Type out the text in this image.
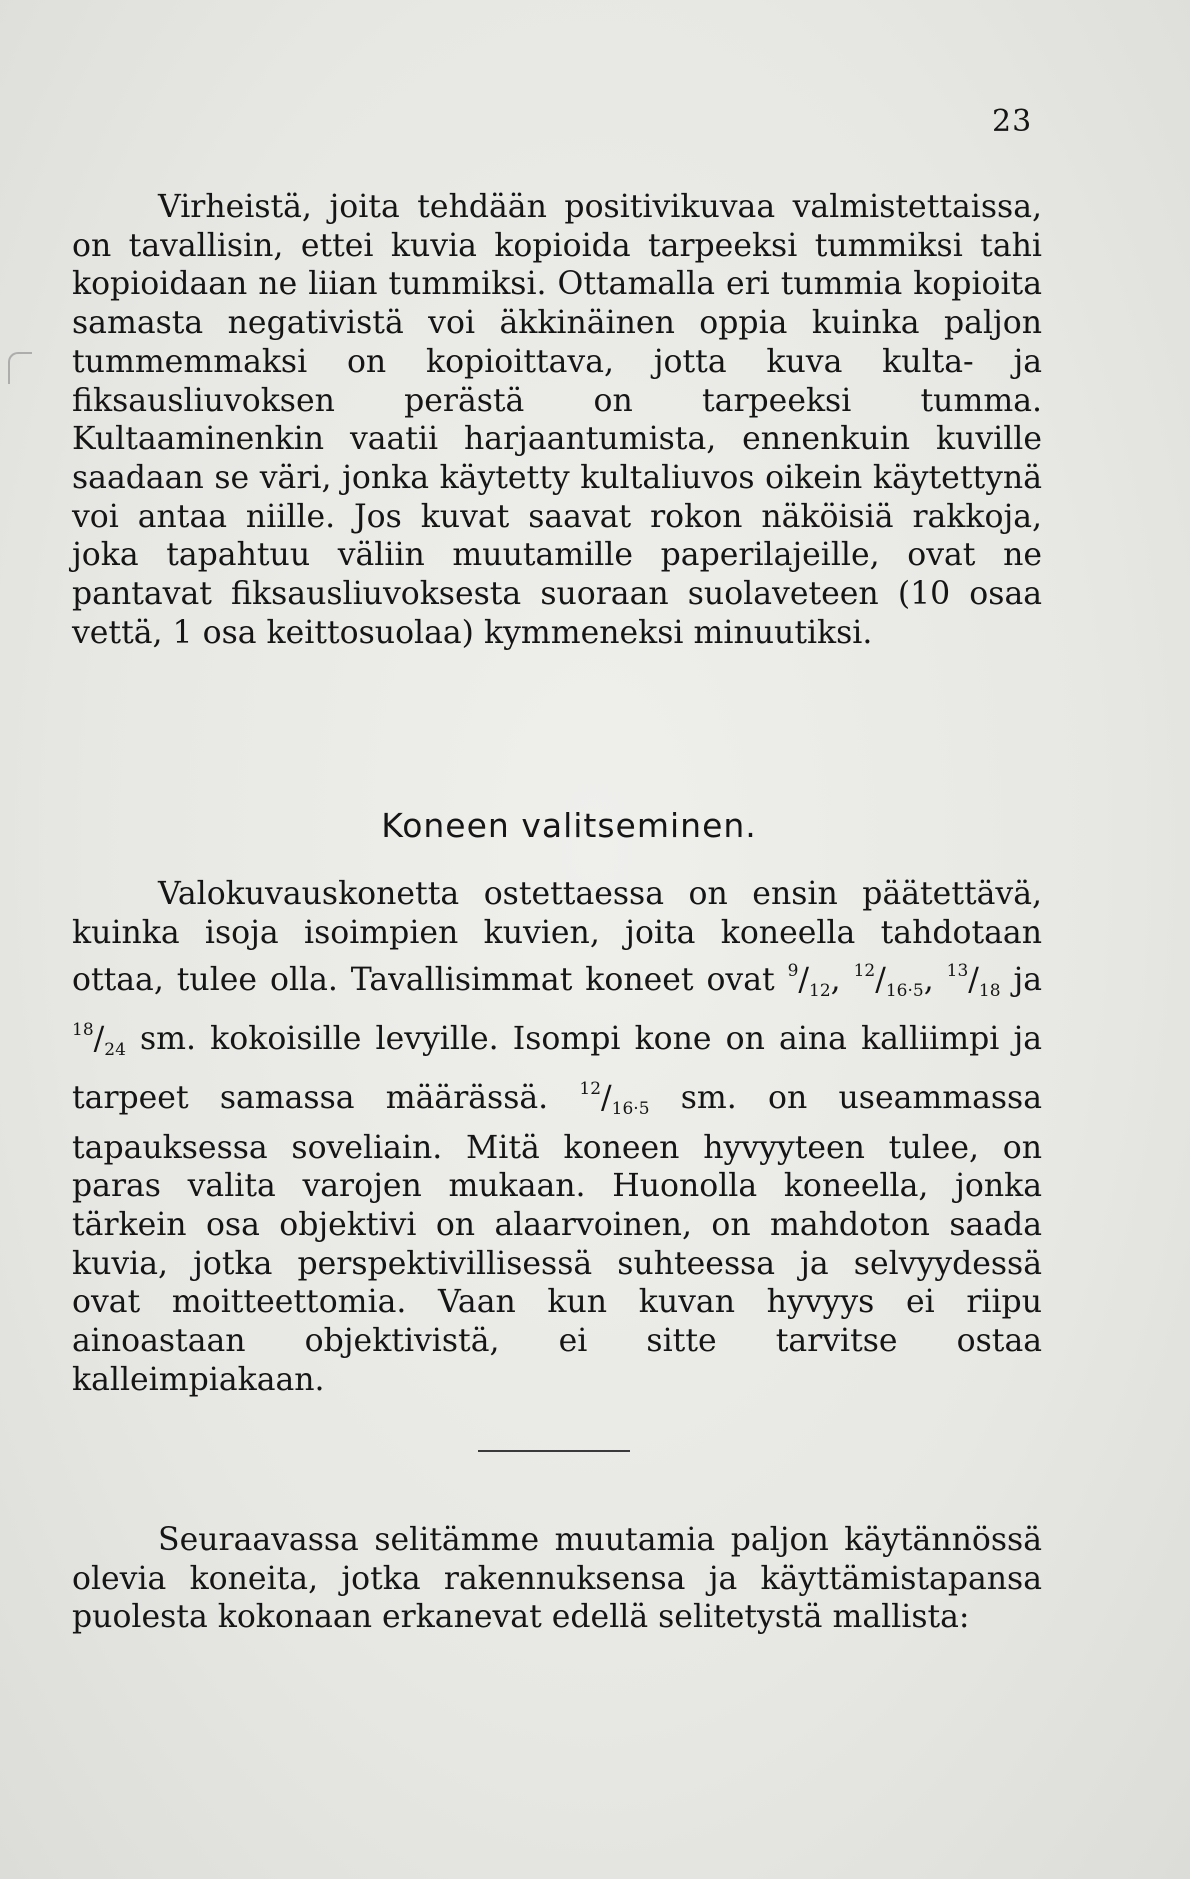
23

Virheistä, joita tehdään positivikuvaa valmistettaissa, on tavallisin, ettei kuvia kopioida tarpeeksi tummiksi tahi kopioidaan ne liian tummiksi. Ottamalla eri tummia kopioita samasta negativistä voi äkkinäinen oppia kuinka paljon tummemmaksi on kopioittava, jotta kuva kulta- ja fiksausliuvoksen perästä on tarpeeksi tumma. Kultaaminenkin vaatii harjaantumista, ennenkuin kuville saadaan se väri, jonka käytetty kultaliuvos oikein käytettynä voi antaa niille. Jos kuvat saavat rokon näköisiä rakkoja, joka tapahtuu väliin muutamille paperilajeille, ovat ne pantavat fiksausliuvoksesta suoraan suolaveteen (10 osaa vettä, 1 osa keittosuolaa) kymmeneksi minuutiksi.

Koneen valitseminen.

Valokuvauskonetta ostettaessa on ensin päätettävä, kuinka isoja isoimpien kuvien, joita koneella tahdotaan ottaa, tulee olla. Tavallisimmat koneet ovat $^9/_{12}$, $^{12}/_{16\cdot 5}$, $^{13}/_{18}$ ja $^{18}/_{24}$ sm. kokoisille levyille. Isompi kone on aina kalliimpi ja tarpeet samassa määrässä. $^{12}/_{16\cdot 5}$ sm. on useammassa tapauksessa soveliain. Mitä koneen hyvyyteen tulee, on paras valita varojen mukaan. Huonolla koneella, jonka tärkein osa objektivi on alaarvoinen, on mahdoton saada kuvia, jotka perspektivillisessä suhteessa ja selvyydessä ovat moitteettomia. Vaan kun kuvan hyvyys ei riipu ainoastaan objektivistä, ei sitte tarvitse ostaa kalleimpiakaan.

Seuraavassa selitämme muutamia paljon käytännössä olevia koneita, jotka rakennuksensa ja käyttämistapansa puolesta kokonaan erkanevat edellä selitetystä mallista:
